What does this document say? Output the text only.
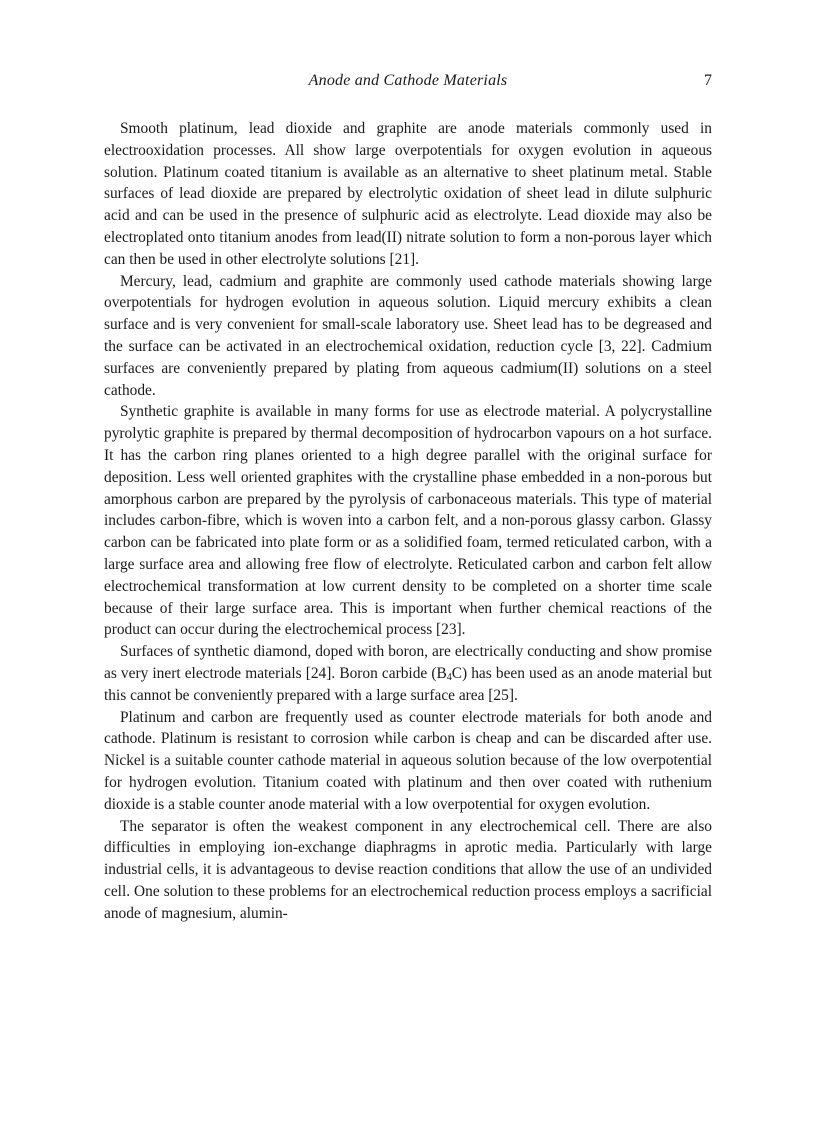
Anode and Cathode Materials	7

Smooth platinum, lead dioxide and graphite are anode materials commonly used in electrooxidation processes. All show large overpotentials for oxygen evolution in aqueous solution. Platinum coated titanium is available as an alternative to sheet platinum metal. Stable surfaces of lead dioxide are prepared by electrolytic oxidation of sheet lead in dilute sulphuric acid and can be used in the presence of sulphuric acid as electrolyte. Lead dioxide may also be electroplated onto titanium anodes from lead(II) nitrate solution to form a non-porous layer which can then be used in other electrolyte solutions [21].

Mercury, lead, cadmium and graphite are commonly used cathode materials showing large overpotentials for hydrogen evolution in aqueous solution. Liquid mercury exhibits a clean surface and is very convenient for small-scale laboratory use. Sheet lead has to be degreased and the surface can be activated in an electrochemical oxidation, reduction cycle [3, 22]. Cadmium surfaces are conveniently prepared by plating from aqueous cadmium(II) solutions on a steel cathode.

Synthetic graphite is available in many forms for use as electrode material. A polycrystalline pyrolytic graphite is prepared by thermal decomposition of hydrocarbon vapours on a hot surface. It has the carbon ring planes oriented to a high degree parallel with the original surface for deposition. Less well oriented graphites with the crystalline phase embedded in a non-porous but amorphous carbon are prepared by the pyrolysis of carbonaceous materials. This type of material includes carbon-fibre, which is woven into a carbon felt, and a non-porous glassy carbon. Glassy carbon can be fabricated into plate form or as a solidified foam, termed reticulated carbon, with a large surface area and allowing free flow of electrolyte. Reticulated carbon and carbon felt allow electrochemical transformation at low current density to be completed on a shorter time scale because of their large surface area. This is important when further chemical reactions of the product can occur during the electrochemical process [23].

Surfaces of synthetic diamond, doped with boron, are electrically conducting and show promise as very inert electrode materials [24]. Boron carbide $(B_4C)$ has been used as an anode material but this cannot be conveniently prepared with a large surface area [25].

Platinum and carbon are frequently used as counter electrode materials for both anode and cathode. Platinum is resistant to corrosion while carbon is cheap and can be discarded after use. Nickel is a suitable counter cathode material in aqueous solution because of the low overpotential for hydrogen evolution. Titanium coated with platinum and then over coated with ruthenium dioxide is a stable counter anode material with a low overpotential for oxygen evolution.

The separator is often the weakest component in any electrochemical cell. There are also difficulties in employing ion-exchange diaphragms in aprotic media. Particularly with large industrial cells, it is advantageous to devise reaction conditions that allow the use of an undivided cell. One solution to these problems for an electrochemical reduction process employs a sacrificial anode of magnesium, alumin-
